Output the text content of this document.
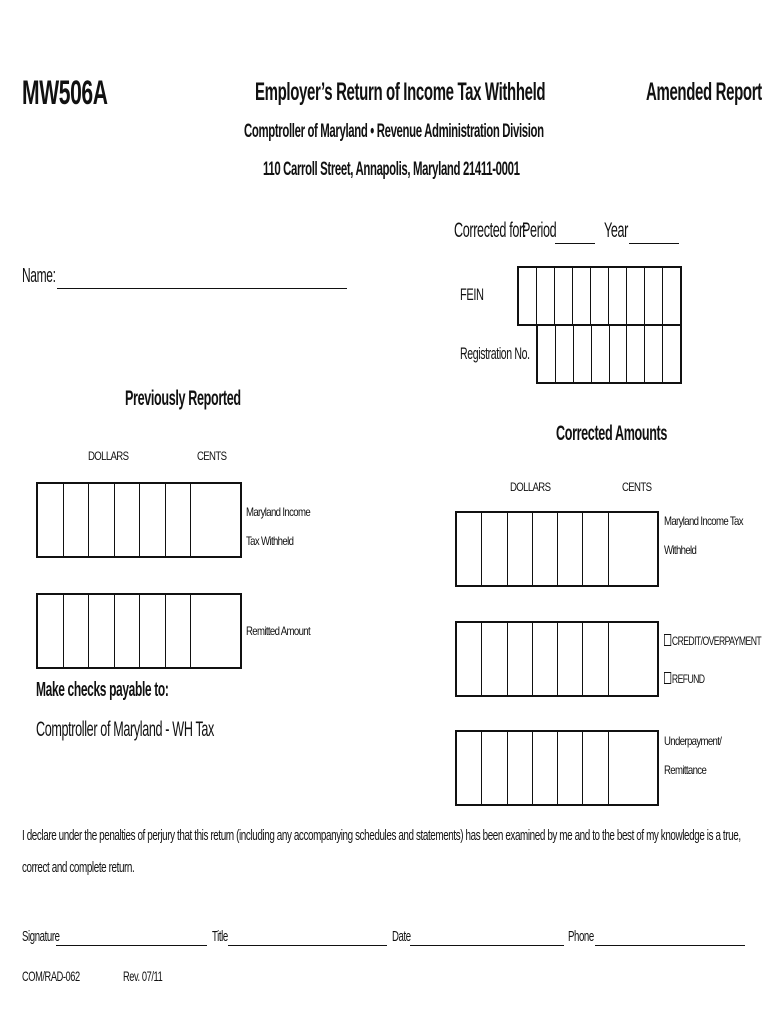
MW506A	Employer’s Return of Income Tax Withheld	Amended Report
Comptroller of Maryland • Revenue Administration Division
110 Carroll Street, Annapolis, Maryland 21411-0001
Corrected for:
Period Year
Name:
FEIN
Registration No.
Previously Reported
DOLLARS	CENTS
Maryland Income
Tax Withheld
Remitted Amount
Make checks payable to:
Comptroller of Maryland - WH Tax
Corrected Amounts
DOLLARS	CENTS
Maryland Income Tax
Withheld
CREDIT/OVERPAYMENT
REFUND
Underpayment/
Remittance
I declare under the penalties of perjury that this return (including any accompanying schedules and statements) has been examined by me and to the best of my knowledge is a true,
correct and complete return.
Signature	Title	Date	Phone
COM/RAD-062	Rev. 07/11
